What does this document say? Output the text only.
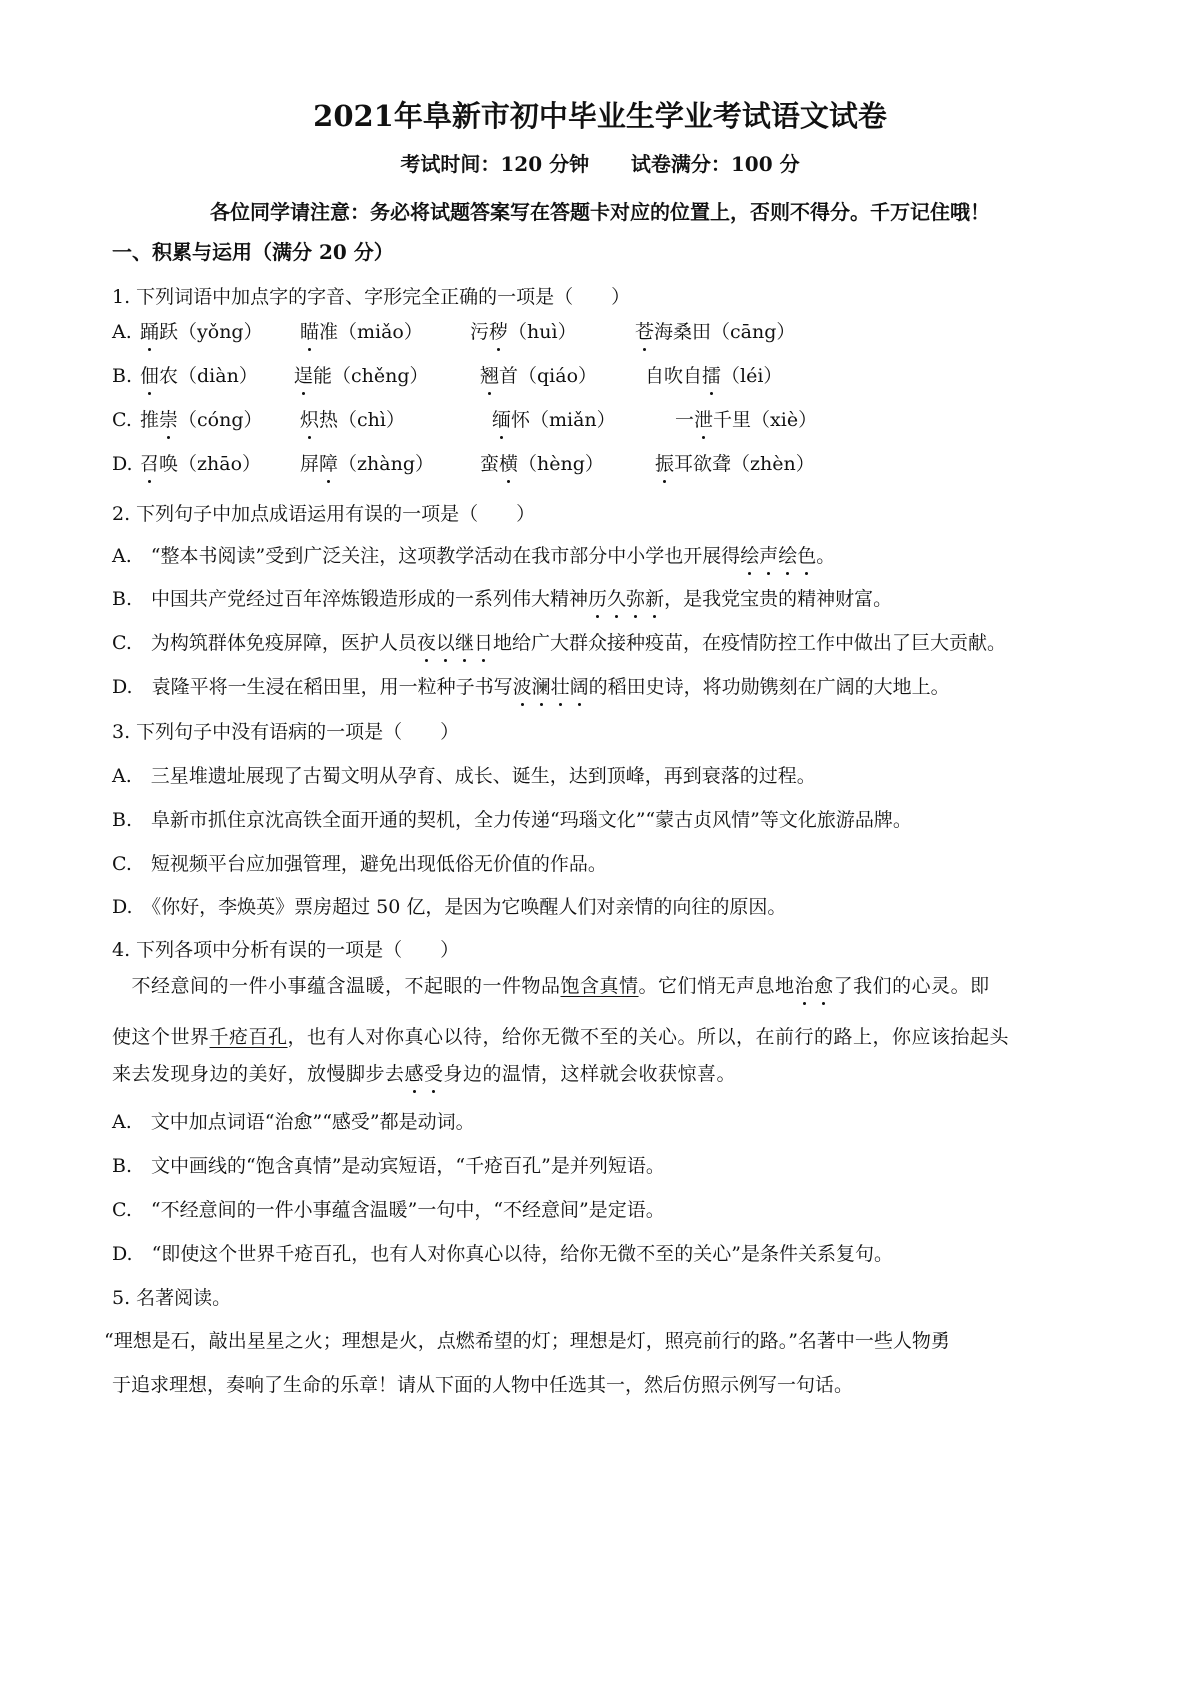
2021年阜新市初中毕业生学业考试语文试卷
考试时间：120 分钟      试卷满分：100 分
各位同学请注意：务必将试题答案写在答题卡对应的位置上，否则不得分。千万记住哦！
一、积累与运用（满分 20 分）
1. 下列词语中加点字的字音、字形完全正确的一项是（　　）
A. 踊跃（yǒng） 瞄准（miǎo） 污秽（huì）	苍海桑田（cāng）
B. 佃农（diàn） 逞能（chěng）	翘首（qiáo）	自吹自擂（léi）
C. 推崇（cóng） 炽热（chì）	缅怀（miǎn）	一泄千里（xiè）
D. 召唤（zhāo） 屏障（zhàng） 蛮横（hèng）	振耳欲聋（zhèn）
2. 下列句子中加点成语运用有误的一项是（　　）
A.　“整本书阅读”受到广泛关注，这项教学活动在我市部分中小学也开展得绘声绘色。
B.　中国共产党经过百年淬炼锻造形成的一系列伟大精神历久弥新，是我党宝贵的精神财富。
C.　为构筑群体免疫屏障，医护人员夜以继日地给广大群众接种疫苗，在疫情防控工作中做出了巨大贡献。
D.　袁隆平将一生浸在稻田里，用一粒种子书写波澜壮阔的稻田史诗，将功勋镌刻在广阔的大地上。
3. 下列句子中没有语病的一项是（　　）
A.　三星堆遗址展现了古蜀文明从孕育、成长、诞生，达到顶峰，再到衰落的过程。
B.　阜新市抓住京沈高铁全面开通的契机，全力传递“玛瑙文化”“蒙古贞风情”等文化旅游品牌。
C.　短视频平台应加强管理，避免出现低俗无价值的作品。
D.　《你好，李焕英》票房超过 50 亿，是因为它唤醒人们对亲情的向往的原因。
4. 下列各项中分析有误的一项是（　　）
　不经意间的一件小事蕴含温暖，不起眼的一件物品饱含真情。它们悄无声息地治愈了我们的心灵。即
使这个世界千疮百孔，也有人对你真心以待，给你无微不至的关心。所以，在前行的路上，你应该抬起头
来去发现身边的美好，放慢脚步去感受身边的温情，这样就会收获惊喜。
A.　文中加点词语“治愈”“感受”都是动词。
B.　文中画线的“饱含真情”是动宾短语，“千疮百孔”是并列短语。
C.　“不经意间的一件小事蕴含温暖”一句中，“不经意间”是定语。
D.　“即使这个世界千疮百孔，也有人对你真心以待，给你无微不至的关心”是条件关系复句。
5. 名著阅读。
“理想是石，敲出星星之火；理想是火，点燃希望的灯；理想是灯，照亮前行的路。”名著中一些人物勇
于追求理想，奏响了生命的乐章！请从下面的人物中任选其一，然后仿照示例写一句话。
